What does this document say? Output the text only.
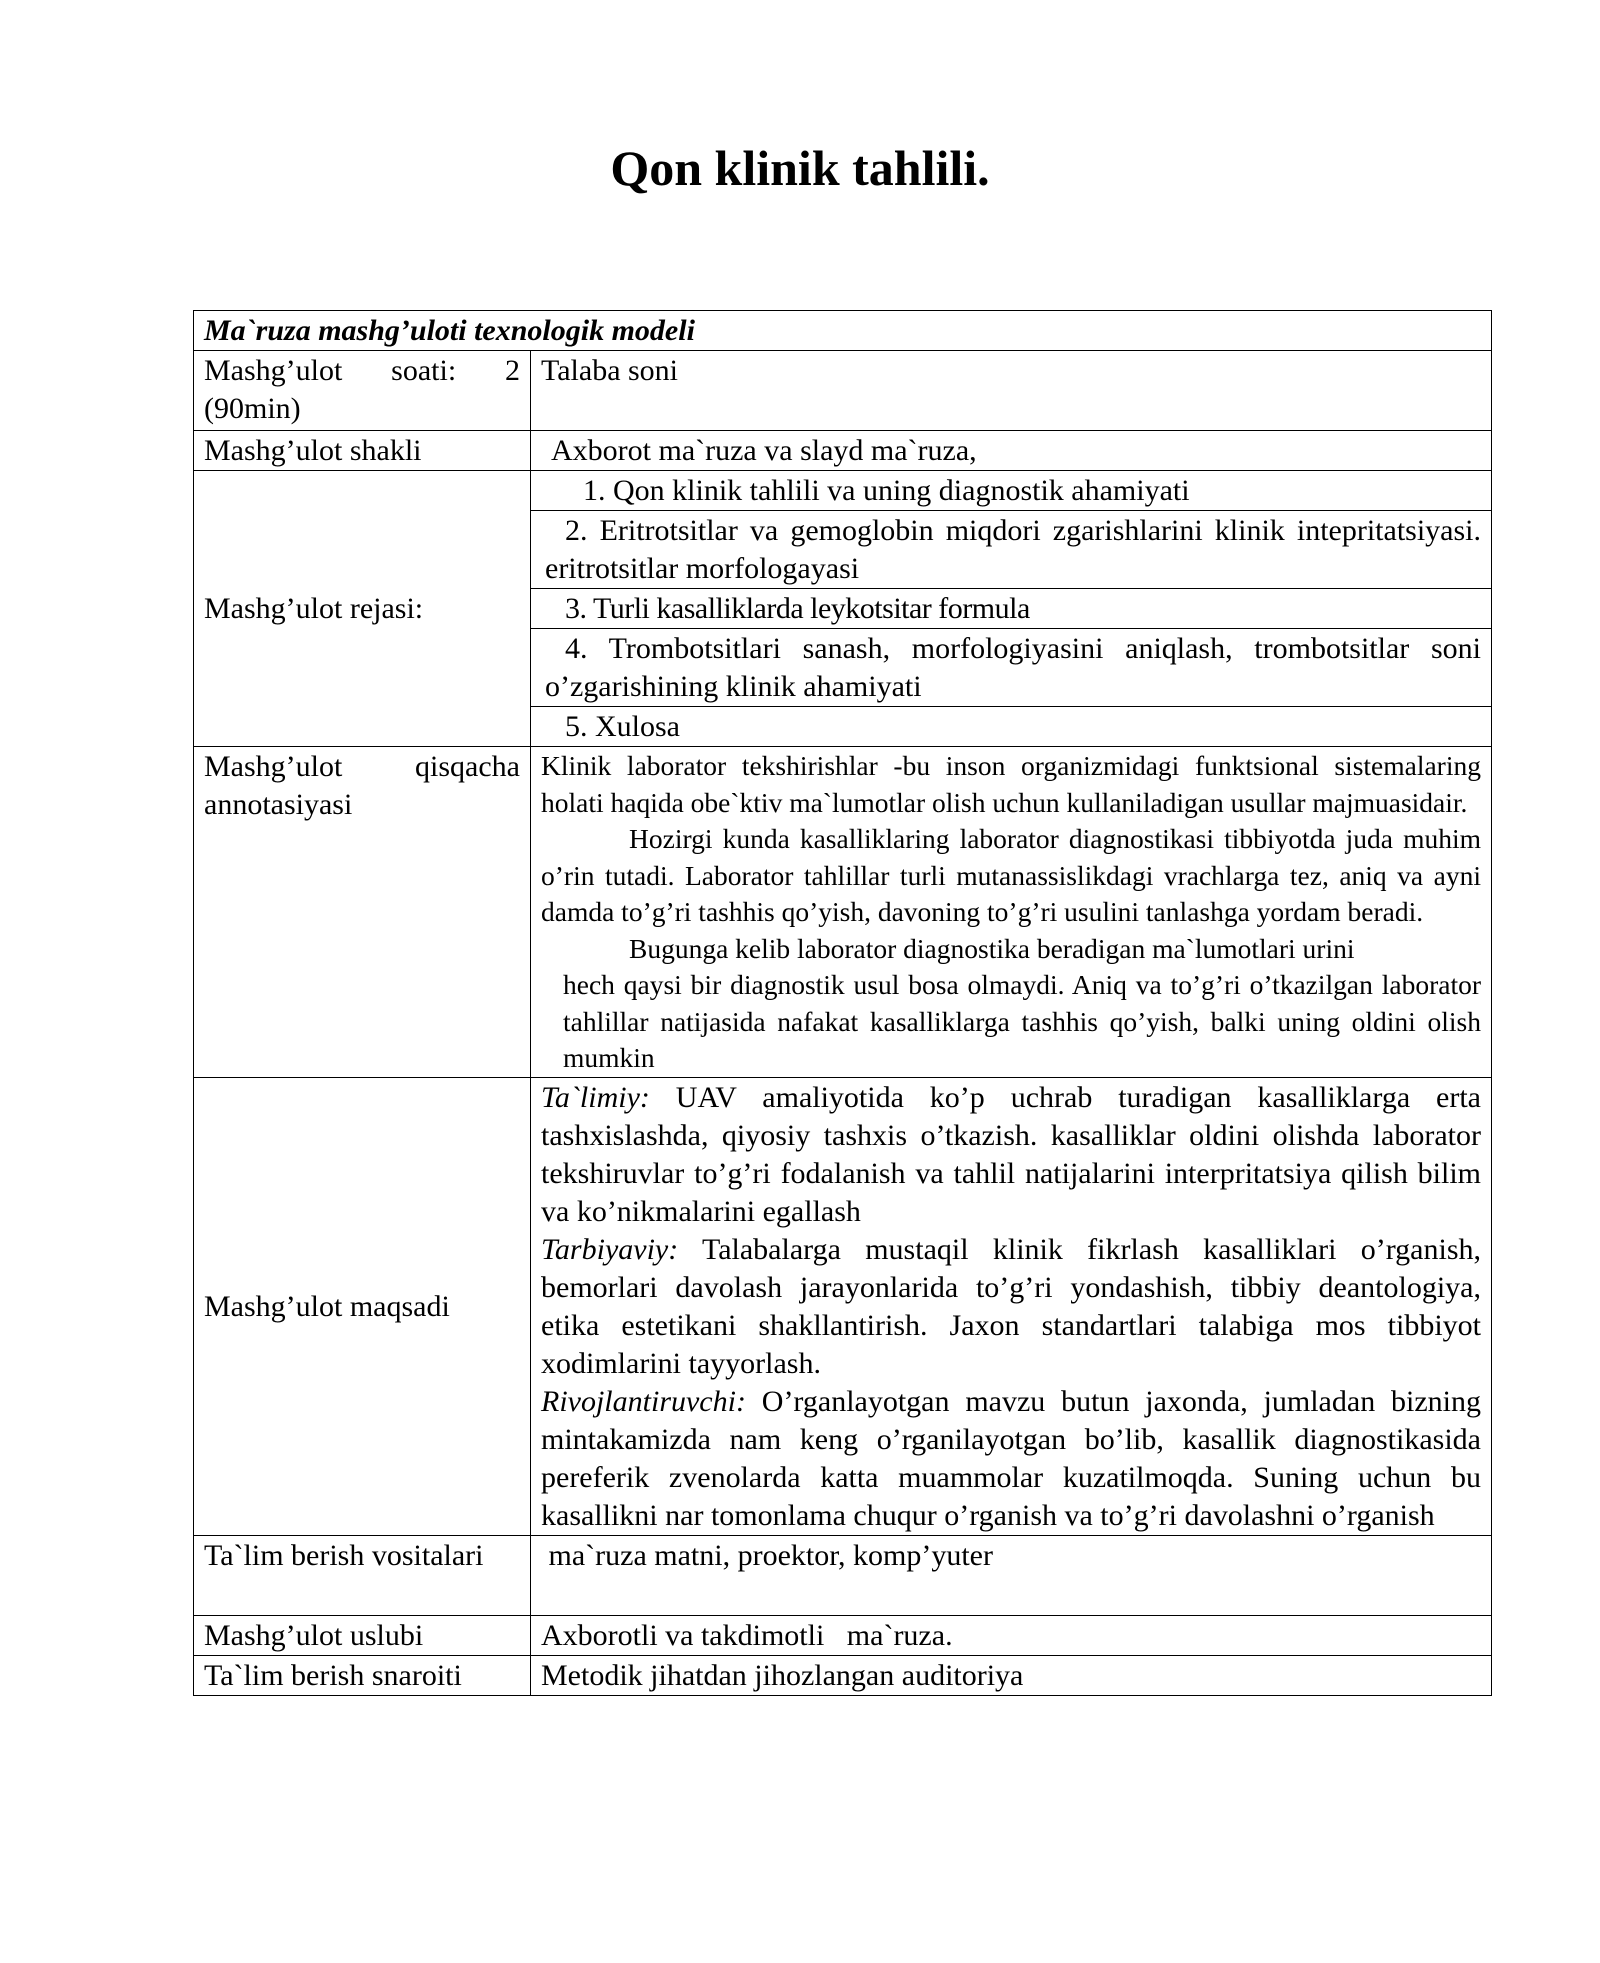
Qon klinik tahlili.
Ma`ruza mashg’uloti texnologik modeli	
Mashg’ulot soati: 2 (90min)	Talaba soni
Mashg’ulot shakli	Axborot ma`ruza va slayd ma`ruza,
Mashg’ulot rejasi:	1. Qon klinik tahlili va uning diagnostik ahamiyati
	2. Eritrotsitlar va gemoglobin miqdori zgarishlarini klinik intepritatsiyasi. eritrotsitlar morfologayasi
	3. Turli kasalliklarda leykotsitar formula
	4. Trombotsitlari sanash, morfologiyasini aniqlash, trombotsitlar soni o’zgarishining klinik ahamiyati
	5. Xulosa
Mashg’ulot qisqacha annotasiyasi	Klinik laborator tekshirishlar -bu inson organizmidagi funktsional sistemalaring holati haqida obe`ktiv ma`lumotlar olish uchun kullaniladigan usullar majmuasidair.

Hozirgi kunda kasalliklaring laborator diagnostikasi tibbiyotda juda muhim o’rin tutadi. Laborator tahlillar turli mutanassislikdagi vrachlarga tez, aniq va ayni damda to’g’ri tashhis qo’yish, davoning to’g’ri usulini tanlashga yordam beradi.

Bugunga kelib laborator diagnostika beradigan ma`lumotlari urini

hech qaysi bir diagnostik usul bosa olmaydi. Aniq va to’g’ri o’tkazilgan laborator tahlillar natijasida nafakat kasalliklarga tashhis qo’yish, balki uning oldini olish mumkin

Mashg’ulot maqsadi	Ta`limiy: UAV amaliyotida ko’p uchrab turadigan kasalliklarga erta tashxislashda, qiyosiy tashxis o’tkazish. kasalliklar oldini olishda laborator tekshiruvlar to’g’ri fodalanish va tahlil natijalarini interpritatsiya qilish bilim va ko’nikmalarini egallash

Tarbiyaviy: Talabalarga mustaqil klinik fikrlash kasalliklari o’rganish, bemorlari davolash jarayonlarida to’g’ri yondashish, tibbiy deantologiya, etika estetikani shakllantirish. Jaxon standartlari talabiga mos tibbiyot xodimlarini tayyorlash.

Rivojlantiruvchi: O’rganlayotgan mavzu butun jaxonda, jumladan bizning mintakamizda nam keng o’rganilayotgan bo’lib, kasallik diagnostikasida pereferik zvenolarda katta muammolar kuzatilmoqda. Suning uchun bu kasallikni nar tomonlama chuqur o’rganish va to’g’ri davolashni o’rganish

Ta`lim berish vositalari	ma`ruza matni, proektor, komp’yuter
Mashg’ulot uslubi	Axborotli va takdimotli   ma`ruza.
Ta`lim berish snaroiti	Metodik jihatdan jihozlangan auditoriya
